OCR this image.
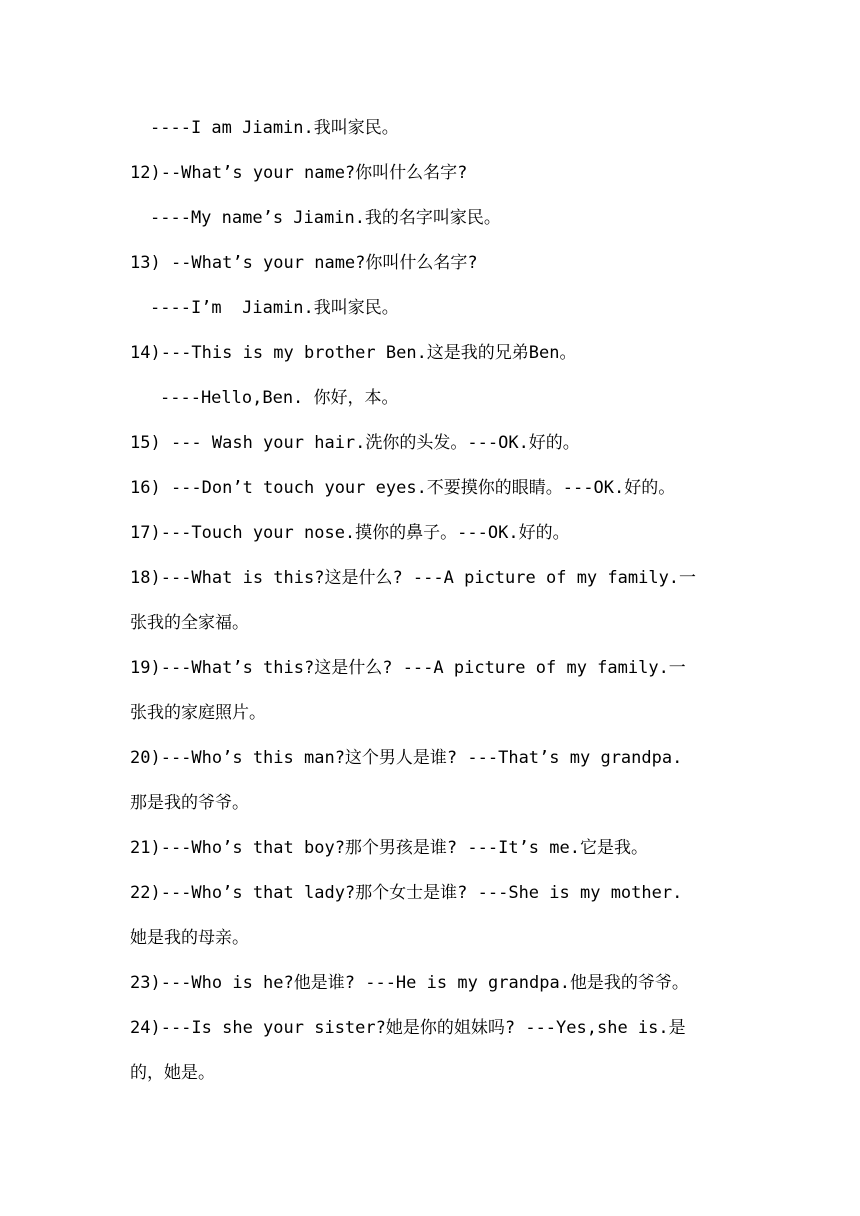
----I am Jiamin.我叫家民。
12)--What’s your name?你叫什么名字?
----My name’s Jiamin.我的名字叫家民。
13) --What’s your name?你叫什么名字?
----I’m  Jiamin.我叫家民。
14)---This is my brother Ben.这是我的兄弟Ben。
----Hello,Ben. 你好，本。
15) --- Wash your hair.洗你的头发。---OK.好的。
16) ---Don’t touch your eyes.不要摸你的眼睛。---OK.好的。
17)---Touch your nose.摸你的鼻子。---OK.好的。
18)---What is this?这是什么? ---A picture of my family.一
张我的全家福。
19)---What’s this?这是什么? ---A picture of my family.一
张我的家庭照片。
20)---Who’s this man?这个男人是谁? ---That’s my grandpa.
那是我的爷爷。
21)---Who’s that boy?那个男孩是谁? ---It’s me.它是我。
22)---Who’s that lady?那个女士是谁? ---She is my mother.
她是我的母亲。
23)---Who is he?他是谁? ---He is my grandpa.他是我的爷爷。
24)---Is she your sister?她是你的姐妹吗? ---Yes,she is.是
的，她是。
